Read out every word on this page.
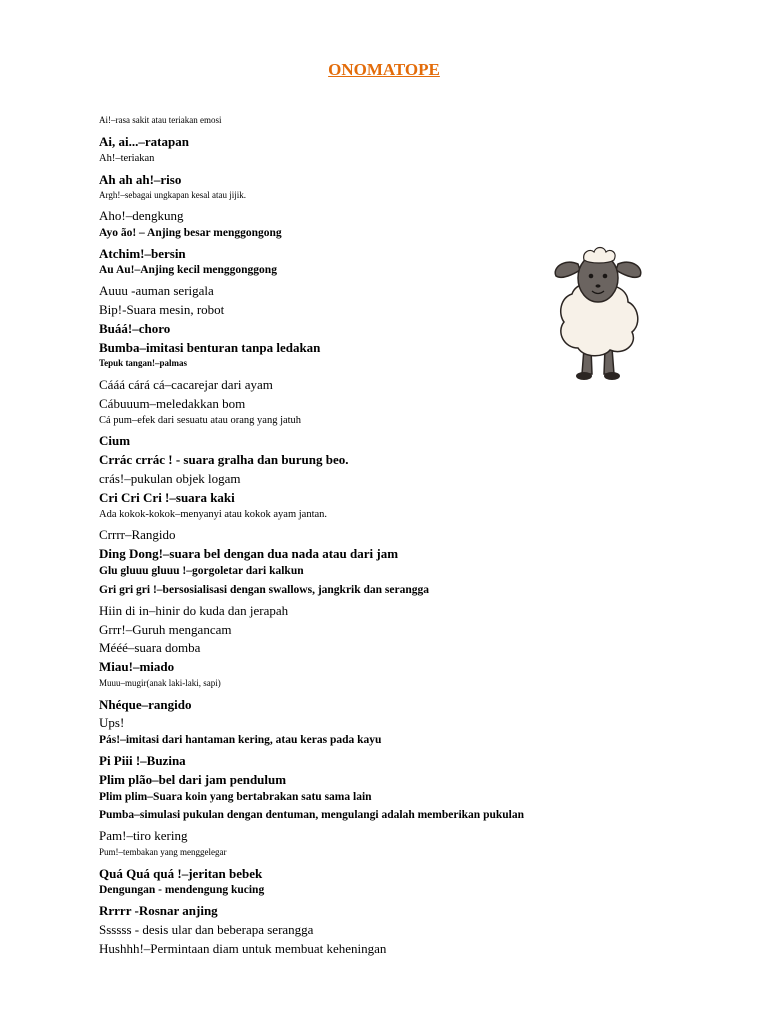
ONOMATOPE
Ai!–rasa sakit atau teriakan emosi
Ai, ai...–ratapan
Ah!–teriakan
Ah ah ah!–riso
Argh!–sebagai ungkapan kesal atau jijik.
Aho!–dengkung
Ayo ão! – Anjing besar menggongong
Atchim!–bersin
Au Au!–Anjing kecil menggonggong
Auuu -auman serigala
Bip!-Suara mesin, robot
Buáá!–choro
Bumba–imitasi benturan tanpa ledakan
Tepuk tangan!–palmas
Cááá cárá cá–cacarejar dari ayam
Cábuuum–meledakkan bom
Cá pum–efek dari sesuatu atau orang yang jatuh
Cium
Crrác crrác ! - suara gralha dan burung beo.
crás!–pukulan objek logam
Cri Cri Cri !–suara kaki
Ada kokok-kokok–menyanyi atau kokok ayam jantan.
Crrrr–Rangido
Ding Dong!–suara bel dengan dua nada atau dari jam
Glu gluuu gluuu !–gorgoletar dari kalkun
Gri gri gri !–bersosialisasi dengan swallows, jangkrik dan serangga
Hiin di in–hinir do kuda dan jerapah
Grrr!–Guruh mengancam
Mééé–suara domba
Miau!–miado
Muuu–mugir(anak laki-laki, sapi)
Nhéque–rangido
Ups!
Pás!–imitasi dari hantaman kering, atau keras pada kayu
Pi Piii !–Buzina
Plim plão–bel dari jam pendulum
Plim plim–Suara koin yang bertabrakan satu sama lain
Pumba–simulasi pukulan dengan dentuman, mengulangi adalah memberikan pukulan
Pam!–tiro kering
Pum!–tembakan yang menggelegar
Quá Quá quá !–jeritan bebek
Dengungan - mendengung kucing
Rrrrr -Rosnar anjing
Ssssss - desis ular dan beberapa serangga
Hushhh!–Permintaan diam untuk membuat keheningan
